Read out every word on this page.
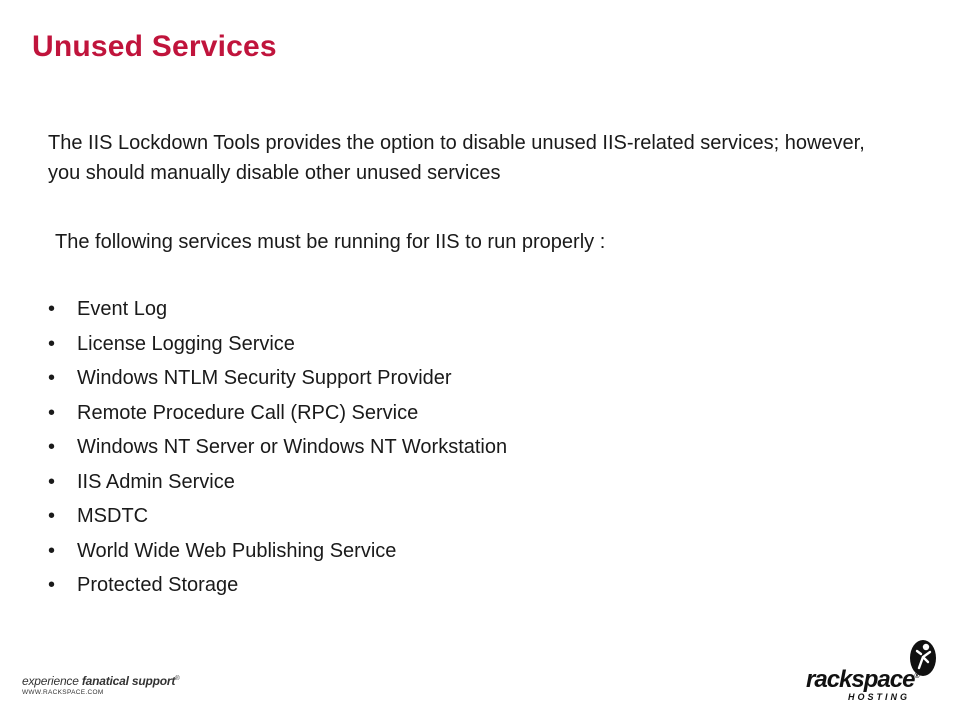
Unused Services

The IIS Lockdown Tools provides the option to disable unused IIS-related services; however, you should manually disable other unused services

The following services must be running for IIS to run properly :

•	Event Log
•	License Logging Service
•	Windows NTLM Security Support Provider
•	Remote Procedure Call (RPC) Service
•	Windows NT Server or Windows NT Workstation
•	IIS Admin Service
•	MSDTC
•	World Wide Web Publishing Service
•	Protected Storage
experience fanatical support®
WWW.RACKSPACE.COM	rackspace®
HOSTING
